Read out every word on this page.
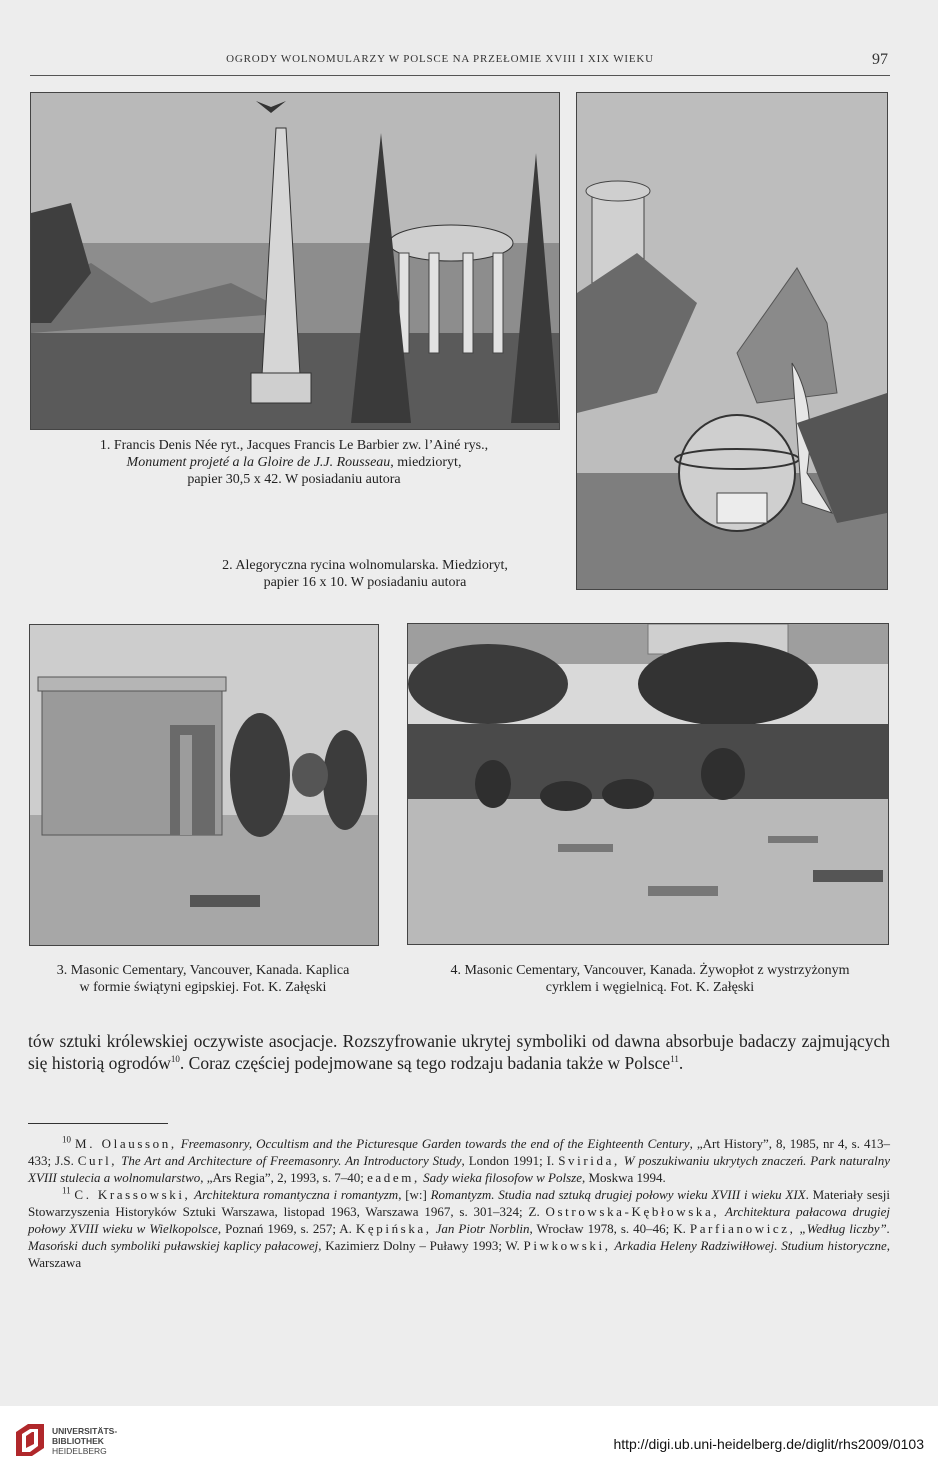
OGRODY WOLNOMULARZY W POLSCE NA PRZEŁOMIE XVIII I XIX WIEKU	97
1. Francis Denis Née ryt., Jacques Francis Le Barbier zw. l’Ainé rys.,
Monument projeté a la Gloire de J.J. Rousseau, miedzioryt,
papier 30,5 x 42. W posiadaniu autora
2. Alegoryczna rycina wolnomularska. Miedzioryt,
papier 16 x 10. W posiadaniu autora
3. Masonic Cementary, Vancouver, Kanada. Kaplica
w formie świątyni egipskiej. Fot. K. Załęski
4. Masonic Cementary, Vancouver, Kanada. Żywopłot z wystrzyżonym
cyrklem i węgielnicą. Fot. K. Załęski
tów sztuki królewskiej oczywiste asocjacje. Rozszyfrowanie ukrytej symboliki od dawna absorbuje badaczy zajmujących się historią ogrodów$^{10}$. Coraz częściej podejmowane są tego rodzaju badania także w Polsce$^{11}$.

$^{10}$ M. Olausson, Freemasonry, Occultism and the Picturesque Garden towards the end of the Eighteenth Century, „Art History”, 8, 1985, nr 4, s. 413–433; J.S. Curl, The Art and Architecture of Freemasonry. An Introductory Study, London 1991; I. Svirida, W poszukiwaniu ukrytych znaczeń. Park naturalny XVIII stulecia a wolnomularstwo, „Ars Regia”, 2, 1993, s. 7–40; eadem, Sady wieka filosofow w Polsze, Moskwa 1994.

$^{11}$ C. Krassowski, Architektura romantyczna i romantyzm, [w:] Romantyzm. Studia nad sztuką drugiej połowy wieku XVIII i wieku XIX. Materiały sesji Stowarzyszenia Historyków Sztuki Warszawa, listopad 1963, Warszawa 1967, s. 301–324; Z. Ostrowska-Kębłowska, Architektura pałacowa drugiej połowy XVIII wieku w Wielkopolsce, Poznań 1969, s. 257; A. Kępińska, Jan Piotr Norblin, Wrocław 1978, s. 40–46; K. Parfianowicz, „Według liczby”. Masoński duch symboliki puławskiej kaplicy pałacowej, Kazimierz Dolny – Puławy 1993; W. Piwkowski, Arkadia Heleny Radziwiłłowej. Studium historyczne, Warszawa

UNIVERSITÄTS-
BIBLIOTHEK
HEIDELBERG	http://digi.ub.uni-heidelberg.de/diglit/rhs2009/0103
